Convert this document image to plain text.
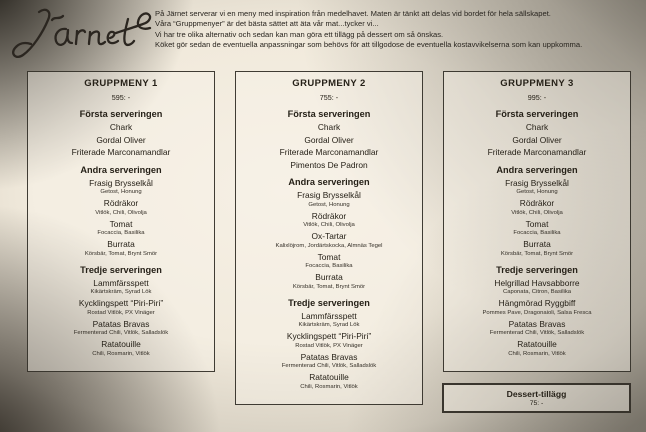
På Järnet serverar vi en meny med inspiration från medelhavet. Maten är tänkt att delas vid bordet för hela sällskapet.

Våra “Gruppmenyer” är det bästa sättet att äta vår mat...tycker vi...

Vi har tre olika alternativ och sedan kan man göra ett tillägg på dessert om så önskas.

Köket gör sedan de eventuella anpassningar som behövs för att tillgodose de eventuella kostavvikelserna som kan uppkomma.

GRUPPMENY 1
595: -
Första serveringen
Chark
Gordal Oliver
Friterade Marconamandlar
Andra serveringen
Frasig Brysselkål
Getost, Honung
Rödräkor
Vitlök, Chili, Olivolja
Tomat
Focaccia, Basilika
Burrata
Körsbär, Tomat, Brynt Smör
Tredje serveringen
Lammfärsspett
Kikärtskräm, Syrad Lök
Kycklingspett “Piri-Piri”
Rostad Vitlök, PX Vinäger
Patatas Bravas
Fermenterad Chili, Vitlök, Salladslök
Ratatouille
Chili, Rosmarin, Vitlök
GRUPPMENY 2
755: -
Första serveringen
Chark
Gordal Oliver
Friterade Marconamandlar
Pimentos De Padron
Andra serveringen
Frasig Brysselkål
Getost, Honung
Rödräkor
Vitlök, Chili, Olivolja
Ox-Tartar
Kalixlöjrom, Jordärtskocka, Almnäs Tegel
Tomat
Focaccia, Basilika
Burrata
Körsbär, Tomat, Brynt Smör
Tredje serveringen
Lammfärsspett
Kikärtskräm, Syrad Lök
Kycklingspett “Piri-Piri”
Rostad Vitlök, PX Vinäger
Patatas Bravas
Fermenterad Chili, Vitlök, Salladslök
Ratatouille
Chili, Rosmarin, Vitlök
GRUPPMENY 3
995: -
Första serveringen
Chark
Gordal Oliver
Friterade Marconamandlar
Andra serveringen
Frasig Brysselkål
Getost, Honung
Rödräkor
Vitlök, Chili, Olivolja
Tomat
Focaccia, Basilika
Burrata
Körsbär, Tomat, Brynt Smör
Tredje serveringen
Helgrillad Havsabborre
Caponata, Citron, Basilika
Hängmörad Ryggbiff
Pommes Pave, Dragonaioli, Salsa Fresca
Patatas Bravas
Fermenterad Chili, Vitlök, Salladslök
Ratatouille
Chili, Rosmarin, Vitlök
Dessert-tillägg
75: -
